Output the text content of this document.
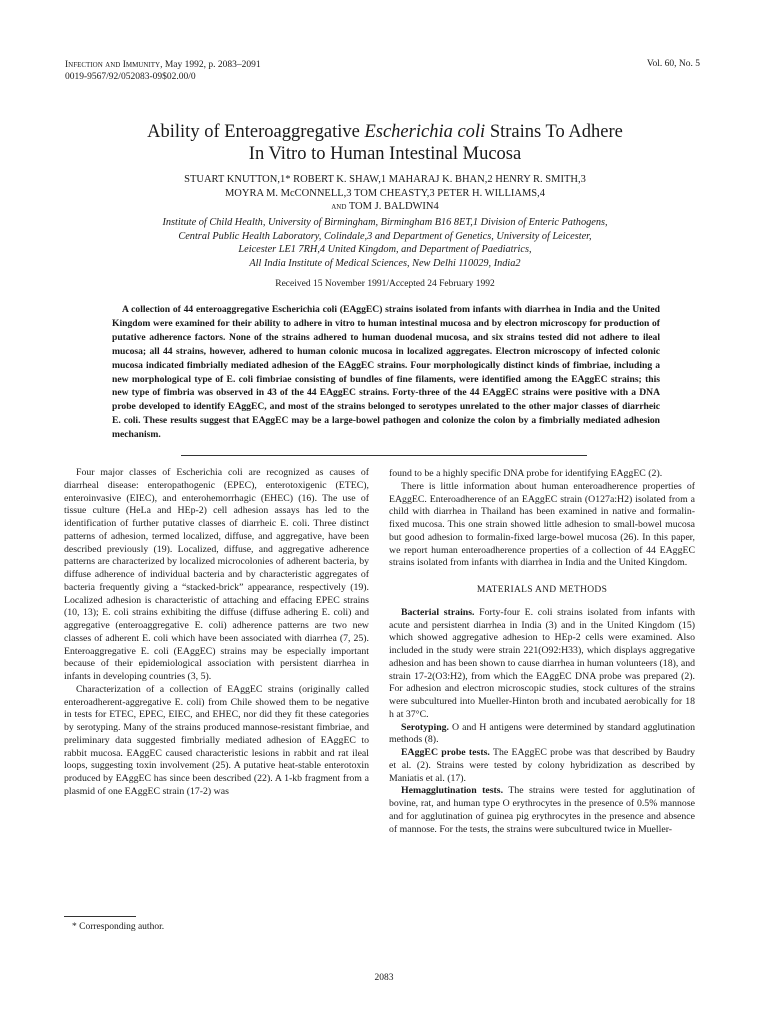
Infection and Immunity, May 1992, p. 2083–2091
0019-9567/92/052083-09$02.00/0
Vol. 60, No. 5
Ability of Enteroaggregative Escherichia coli Strains To Adhere
In Vitro to Human Intestinal Mucosa
STUART KNUTTON,1* ROBERT K. SHAW,1 MAHARAJ K. BHAN,2 HENRY R. SMITH,3
MOYRA M. McCONNELL,3 TOM CHEASTY,3 PETER H. WILLIAMS,4
and TOM J. BALDWIN4
Institute of Child Health, University of Birmingham, Birmingham B16 8ET,1 Division of Enteric Pathogens,
Central Public Health Laboratory, Colindale,3 and Department of Genetics, University of Leicester,
Leicester LE1 7RH,4 United Kingdom, and Department of Paediatrics,
All India Institute of Medical Sciences, New Delhi 110029, India2
Received 15 November 1991/Accepted 24 February 1992
A collection of 44 enteroaggregative Escherichia coli (EAggEC) strains isolated from infants with diarrhea in India and the United Kingdom were examined for their ability to adhere in vitro to human intestinal mucosa and by electron microscopy for production of putative adherence factors. None of the strains adhered to human duodenal mucosa, and six strains tested did not adhere to ileal mucosa; all 44 strains, however, adhered to human colonic mucosa in localized aggregates. Electron microscopy of infected colonic mucosa indicated fimbrially mediated adhesion of the EAggEC strains. Four morphologically distinct kinds of fimbriae, including a new morphological type of E. coli fimbriae consisting of bundles of fine filaments, were identified among the EAggEC strains; this new type of fimbria was observed in 43 of the 44 EAggEC strains. Forty-three of the 44 EAggEC strains were positive with a DNA probe developed to identify EAggEC, and most of the strains belonged to serotypes unrelated to the other major classes of diarrheic E. coli. These results suggest that EAggEC may be a large-bowel pathogen and colonize the colon by a fimbrially mediated adhesion mechanism.

Four major classes of Escherichia coli are recognized as causes of diarrheal disease: enteropathogenic (EPEC), enterotoxigenic (ETEC), enteroinvasive (EIEC), and enterohemorrhagic (EHEC) (16). The use of tissue culture (HeLa and HEp-2) cell adhesion assays has led to the identification of further putative classes of diarrheic E. coli. Three distinct patterns of adhesion, termed localized, diffuse, and aggregative, have been described previously (19). Localized, diffuse, and aggregative adherence patterns are characterized by localized microcolonies of adherent bacteria, by diffuse adherence of individual bacteria and by characteristic aggregates of bacteria frequently giving a “stacked-brick” appearance, respectively (19). Localized adhesion is characteristic of attaching and effacing EPEC strains (10, 13); E. coli strains exhibiting the diffuse (diffuse adhering E. coli) and aggregative (enteroaggregative E. coli) adherence patterns are two new classes of adherent E. coli which have been associated with diarrhea (7, 25). Enteroaggregative E. coli (EAggEC) strains may be especially important because of their epidemiological association with persistent diarrhea in infants in developing countries (3, 5).

Characterization of a collection of EAggEC strains (originally called enteroadherent-aggregative E. coli) from Chile showed them to be negative in tests for ETEC, EPEC, EIEC, and EHEC, nor did they fit these categories by serotyping. Many of the strains produced mannose-resistant fimbriae, and preliminary data suggested fimbrially mediated adhesion of EAggEC to rabbit mucosa. EAggEC caused characteristic lesions in rabbit and rat ileal loops, suggesting toxin involvement (25). A putative heat-stable enterotoxin produced by EAggEC has since been described (22). A 1-kb fragment from a plasmid of one EAggEC strain (17-2) was

found to be a highly specific DNA probe for identifying EAggEC (2).

There is little information about human enteroadherence properties of EAggEC. Enteroadherence of an EAggEC strain (O127a:H2) isolated from a child with diarrhea in Thailand has been examined in native and formalin-fixed mucosa. This one strain showed little adhesion to small-bowel mucosa but good adhesion to formalin-fixed large-bowel mucosa (26). In this paper, we report human enteroadherence properties of a collection of 44 EAggEC strains isolated from infants with diarrhea in India and the United Kingdom.

MATERIALS AND METHODS

Bacterial strains. Forty-four E. coli strains isolated from infants with acute and persistent diarrhea in India (3) and in the United Kingdom (15) which showed aggregative adhesion to HEp-2 cells were examined. Also included in the study were strain 221(O92:H33), which displays aggregative adhesion and has been shown to cause diarrhea in human volunteers (18), and strain 17-2(O3:H2), from which the EAggEC DNA probe was prepared (2). For adhesion and electron microscopic studies, stock cultures of the strains were subcultured into Mueller-Hinton broth and incubated aerobically for 18 h at 37°C.

Serotyping. O and H antigens were determined by standard agglutination methods (8).

EAggEC probe tests. The EAggEC probe was that described by Baudry et al. (2). Strains were tested by colony hybridization as described by Maniatis et al. (17).

Hemagglutination tests. The strains were tested for agglutination of bovine, rat, and human type O erythrocytes in the presence of 0.5% mannose and for agglutination of guinea pig erythrocytes in the presence and absence of mannose. For the tests, the strains were subcultured twice in Mueller-

* Corresponding author.
2083
